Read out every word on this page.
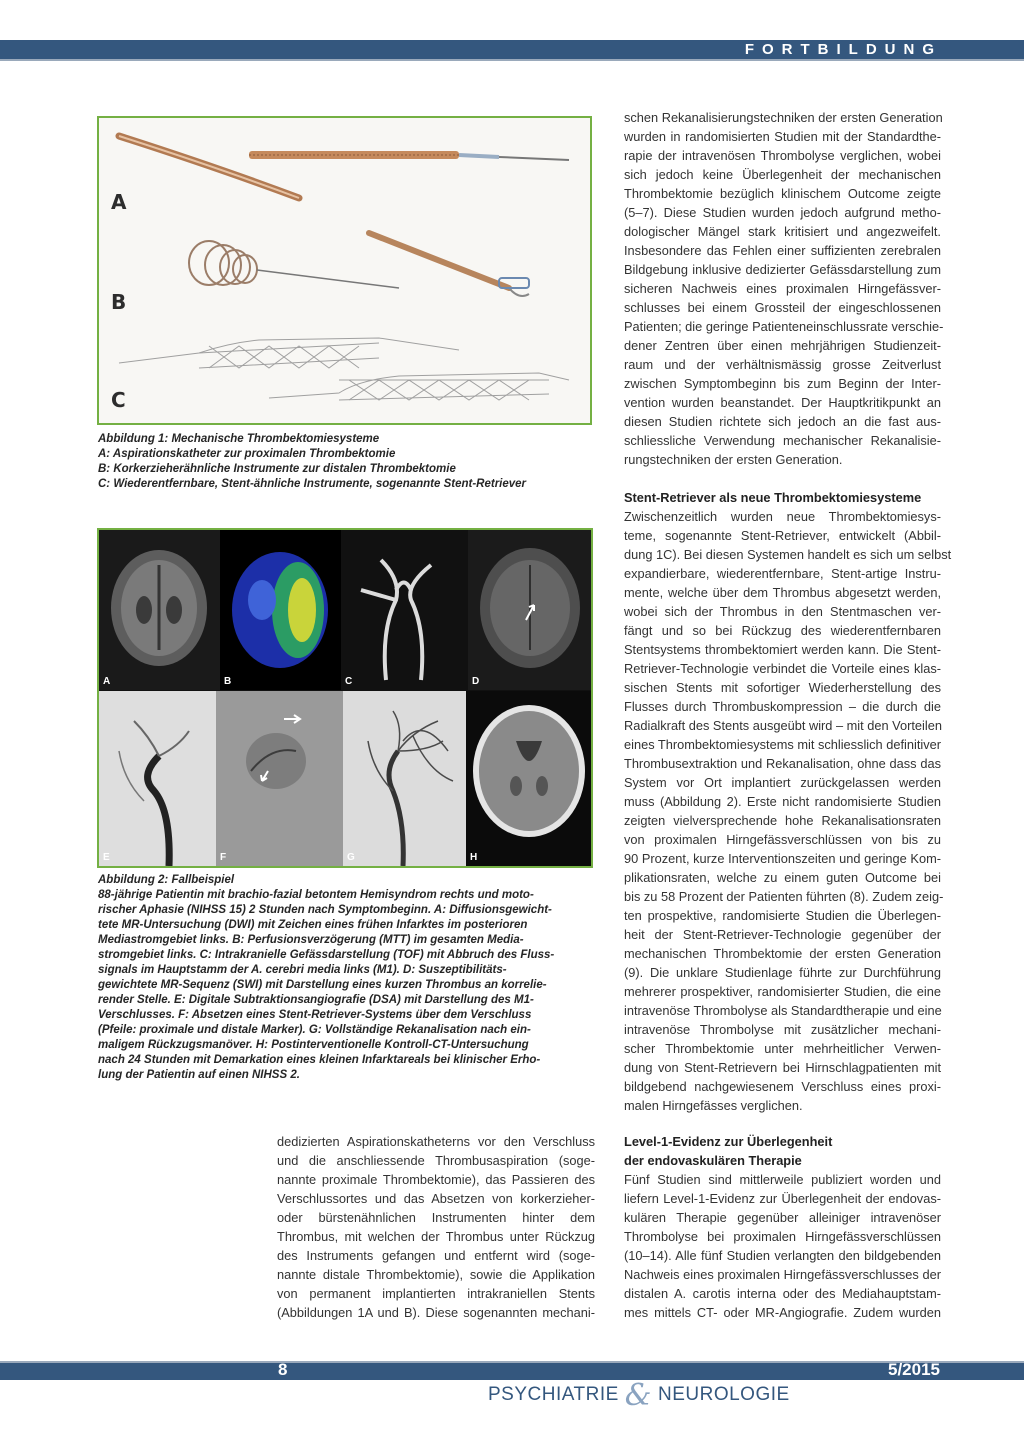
FORTBILDUNG
A
B
C
Abbildung 1: Mechanische Thrombektomiesysteme
A: Aspirationskatheter zur proximalen Thrombektomie
B: Korkerzieherähnliche Instrumente zur distalen Thrombektomie
C: Wiederentfernbare, Stent-ähnliche Instrumente, sogenannte Stent-Retriever
A	B	C	D
E	F	G	H
Abbildung 2: Fallbeispiel
88-jährige Patientin mit brachio-fazial betontem Hemisyndrom rechts und moto-
rischer Aphasie (NIHSS 15) 2 Stunden nach Symptombeginn. A: Diffusionsgewicht-
tete MR-Untersuchung (DWI) mit Zeichen eines frühen Infarktes im posterioren
Mediastromgebiet links. B: Perfusionsverzögerung (MTT) im gesamten Media-
stromgebiet links. C: Intrakranielle Gefässdarstellung (TOF) mit Abbruch des Fluss-
signals im Hauptstamm der A. cerebri media links (M1). D: Suszeptibilitäts-
gewichtete MR-Sequenz (SWI) mit Darstellung eines kurzen Thrombus an korrelie-
render Stelle. E: Digitale Subtraktionsangiografie (DSA) mit Darstellung des M1-
Verschlusses. F: Absetzen eines Stent-Retriever-Systems über dem Verschluss
(Pfeile: proximale und distale Marker). G: Vollständige Rekanalisation nach ein-
maligem Rückzugsmanöver. H: Postinterventionelle Kontroll-CT-Untersuchung
nach 24 Stunden mit Demarkation eines kleinen Infarktareals bei klinischer Erho-
lung der Patientin auf einen NIHSS 2.
dedizierten Aspirationskatheterns vor den Verschluss
und die anschliessende Thrombusaspiration (soge-
nannte proximale Thrombektomie), das Passieren des
Verschlussortes und das Absetzen von korkerzieher-
oder bürstenähnlichen Instrumenten hinter dem
Thrombus, mit welchen der Thrombus unter Rückzug
des Instruments gefangen und entfernt wird (soge-
nannte distale Thrombektomie), sowie die Applikation
von permanent implantierten intrakraniellen Stents
(Abbildungen 1A und B). Diese sogenannten mechani-
schen Rekanalisierungstechniken der ersten Generation
wurden in randomisierten Studien mit der Standardthe-
rapie der intravenösen Thrombolyse verglichen, wobei
sich jedoch keine Überlegenheit der mechanischen
Thrombektomie bezüglich klinischem Outcome zeigte
(5–7). Diese Studien wurden jedoch aufgrund metho-
dologischer Mängel stark kritisiert und angezweifelt.
Insbesondere das Fehlen einer suffizienten zerebralen
Bildgebung inklusive dedizierter Gefässdarstellung zum
sicheren Nachweis eines proximalen Hirngefässver-
schlusses bei einem Grossteil der eingeschlossenen
Patienten; die geringe Patienteneinschlussrate verschie-
dener Zentren über einen mehrjährigen Studienzeit-
raum und der verhältnismässig grosse Zeitverlust
zwischen Symptombeginn bis zum Beginn der Inter-
vention wurden beanstandet. Der Hauptkritikpunkt an
diesen Studien richtete sich jedoch an die fast aus-
schliessliche Verwendung mechanischer Rekanalisie-
rungstechniken der ersten Generation.
Stent-Retriever als neue Thrombektomiesysteme
Zwischenzeitlich wurden neue Thrombektomiesys-
teme, sogenannte Stent-Retriever, entwickelt (Abbil-
dung 1C). Bei diesen Systemen handelt es sich um selbst
expandierbare, wiederentfernbare, Stent-artige Instru-
mente, welche über dem Thrombus abgesetzt werden,
wobei sich der Thrombus in den Stentmaschen ver-
fängt und so bei Rückzug des wiederentfernbaren
Stentsystems thrombektomiert werden kann. Die Stent-
Retriever-Technologie verbindet die Vorteile eines klas-
sischen Stents mit sofortiger Wiederherstellung des
Flusses durch Thrombuskompression – die durch die
Radialkraft des Stents ausgeübt wird – mit den Vorteilen
eines Thrombektomiesystems mit schliesslich definitiver
Thrombusextraktion und Rekanalisation, ohne dass das
System vor Ort implantiert zurückgelassen werden
muss (Abbildung 2). Erste nicht randomisierte Studien
zeigten vielversprechende hohe Rekanalisationsraten
von proximalen Hirngefässverschlüssen von bis zu
90 Prozent, kurze Interventionszeiten und geringe Kom-
plikationsraten, welche zu einem guten Outcome bei
bis zu 58 Prozent der Patienten führten (8). Zudem zeig-
ten prospektive, randomisierte Studien die Überlegen-
heit der Stent-Retriever-Technologie gegenüber der
mechanischen Thrombektomie der ersten Generation
(9). Die unklare Studienlage führte zur Durchführung
mehrerer prospektiver, randomisierter Studien, die eine
intravenöse Thrombolyse als Standardtherapie und eine
intravenöse Thrombolyse mit zusätzlicher mechani-
scher Thrombektomie unter mehrheitlicher Verwen-
dung von Stent-Retrievern bei Hirnschlagpatienten mit
bildgebend nachgewiesenem Verschluss eines proxi-
malen Hirngefässes verglichen.
Level-1-Evidenz zur Überlegenheit
der endovaskulären Therapie
Fünf Studien sind mittlerweile publiziert worden und
liefern Level-1-Evidenz zur Überlegenheit der endovas-
kulären Therapie gegenüber alleiniger intravenöser
Thrombolyse bei proximalen Hirngefässverschlüssen
(10–14). Alle fünf Studien verlangten den bildgebenden
Nachweis eines proximalen Hirngefässverschlusses der
distalen A. carotis interna oder des Mediahauptstam-
mes mittels CT- oder MR-Angiografie. Zudem wurden
8	5/2015
PSYCHIATRIE & NEUROLOGIE
